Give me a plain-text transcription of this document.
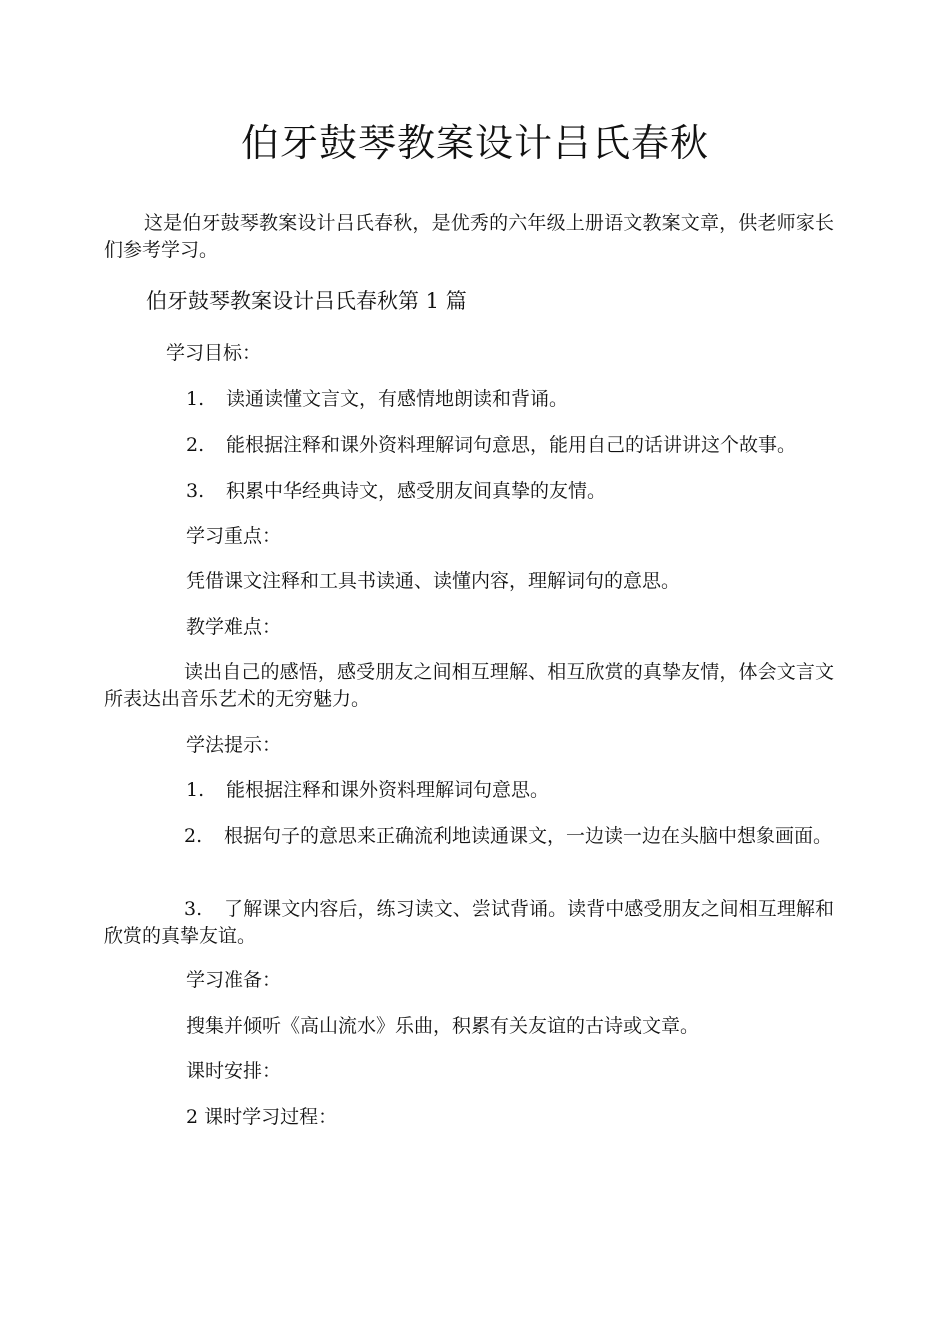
伯牙鼓琴教案设计吕氏春秋
这是伯牙鼓琴教案设计吕氏春秋，是优秀的六年级上册语文教案文章，供老师家长们参考学习。
伯牙鼓琴教案设计吕氏春秋第 1 篇
学习目标：
1. 读通读懂文言文，有感情地朗读和背诵。
2. 能根据注释和课外资料理解词句意思，能用自己的话讲讲这个故事。
3. 积累中华经典诗文，感受朋友间真挚的友情。
学习重点：
凭借课文注释和工具书读通、读懂内容，理解词句的意思。
教学难点：
读出自己的感悟，感受朋友之间相互理解、相互欣赏的真挚友情，体会文言文所表达出音乐艺术的无穷魅力。
学法提示：
1. 能根据注释和课外资料理解词句意思。
2. 根据句子的意思来正确流利地读通课文，一边读一边在头脑中想象画面。
3. 了解课文内容后，练习读文、尝试背诵。读背中感受朋友之间相互理解和欣赏的真挚友谊。
学习准备：
搜集并倾听《高山流水》乐曲，积累有关友谊的古诗或文章。
课时安排：
2 课时学习过程：
